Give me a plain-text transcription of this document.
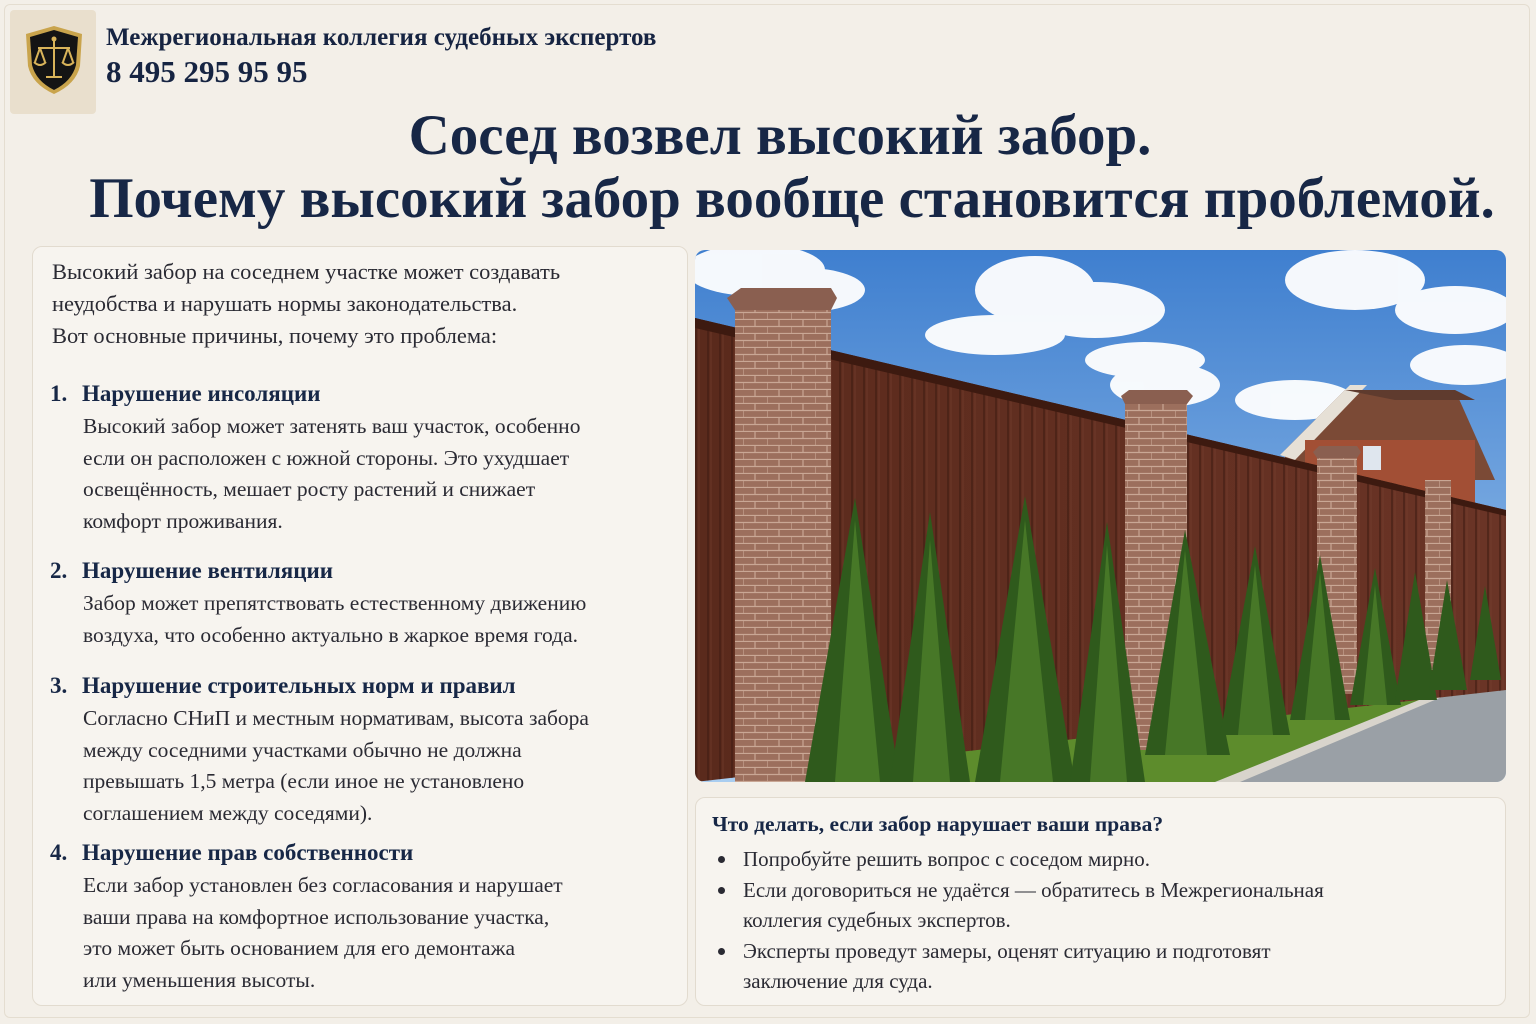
Межрегиональная коллегия судебных экспертов
8 495 295 95 95
Сосед возвел высокий забор.
Почему высокий забор вообще становится проблемой.
Высокий забор на соседнем участке может создавать
неудобства и нарушать нормы законодательства.
Вот основные причины, почему это проблема:
1. Нарушение инсоляции
Высокий забор может затенять ваш участок, особенно
если он расположен с южной стороны. Это ухудшает
освещённость, мешает росту растений и снижает
комфорт проживания.
2. Нарушение вентиляции
Забор может препятствовать естественному движению
воздуха, что особенно актуально в жаркое время года.
3. Нарушение строительных норм и правил
Согласно СНиП и местным нормативам, высота забора
между соседними участками обычно не должна
превышать 1,5 метра (если иное не установлено
соглашением между соседями).
4. Нарушение прав собственности
Если забор установлен без согласования и нарушает
ваши права на комфортное использование участка,
это может быть основанием для его демонтажа
или уменьшения высоты.
Что делать, если забор нарушает ваши права?
Попробуйте решить вопрос с соседом мирно.
Если договориться не удаётся — обратитесь в Межрегиональная
коллегия судебных экспертов.
Эксперты проведут замеры, оценят ситуацию и подготовят
заключение для суда.
